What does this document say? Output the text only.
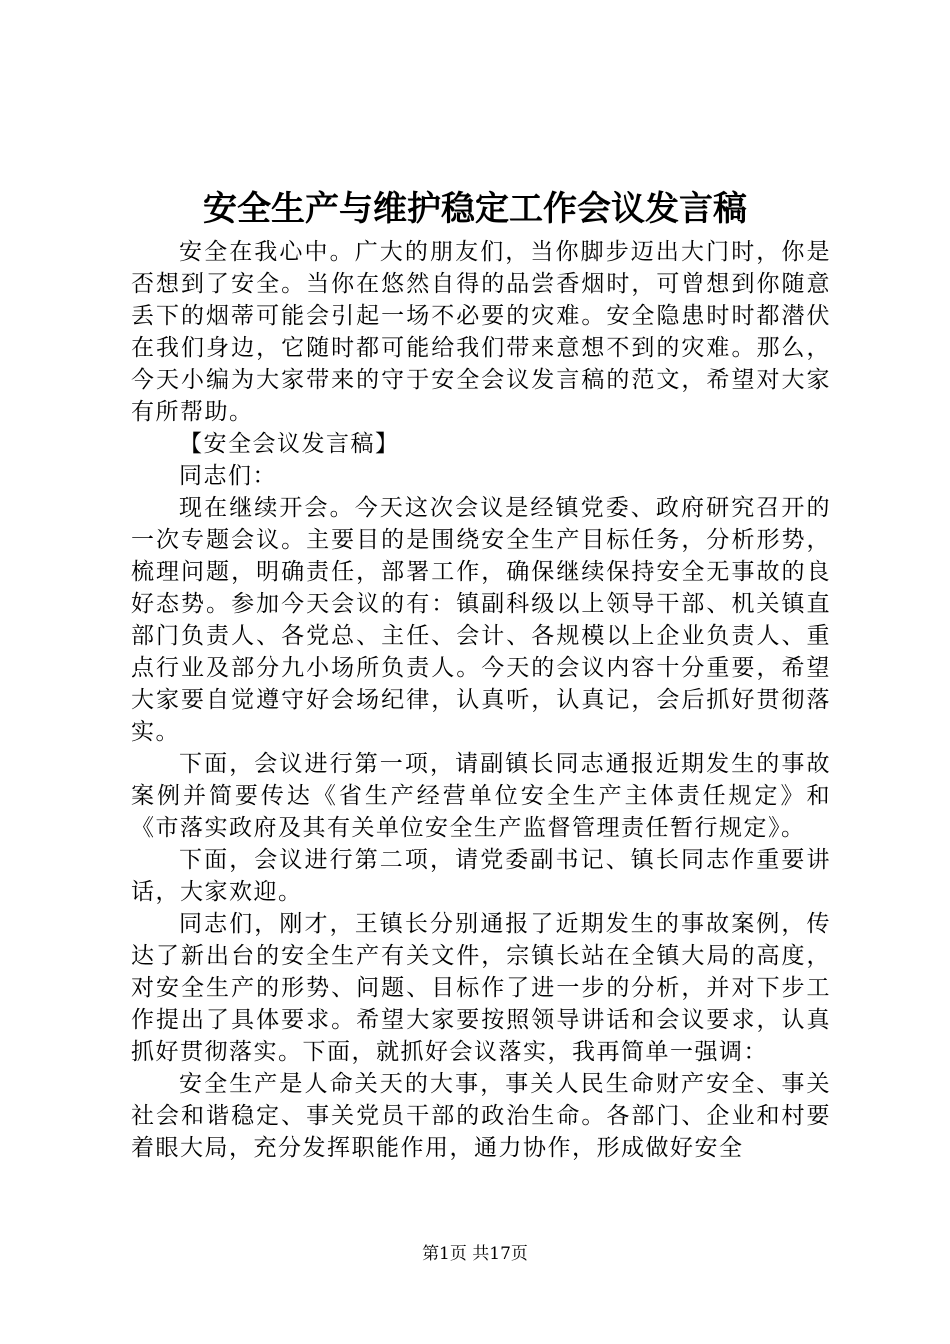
安全生产与维护稳定工作会议发言稿

安全在我心中。广大的朋友们，当你脚步迈出大门时，你是否想到了安全。当你在悠然自得的品尝香烟时，可曾想到你随意丢下的烟蒂可能会引起一场不必要的灾难。安全隐患时时都潜伏在我们身边，它随时都可能给我们带来意想不到的灾难。那么，今天小编为大家带来的守于安全会议发言稿的范文，希望对大家有所帮助。

【安全会议发言稿】

同志们：

现在继续开会。今天这次会议是经镇党委、政府研究召开的一次专题会议。主要目的是围绕安全生产目标任务，分析形势，梳理问题，明确责任，部署工作，确保继续保持安全无事故的良好态势。参加今天会议的有：镇副科级以上领导干部、机关镇直部门负责人、各党总、主任、会计、各规模以上企业负责人、重点行业及部分九小场所负责人。今天的会议内容十分重要，希望大家要自觉遵守好会场纪律，认真听，认真记，会后抓好贯彻落实。

下面，会议进行第一项，请副镇长同志通报近期发生的事故案例并简要传达《省生产经营单位安全生产主体责任规定》和《市落实政府及其有关单位安全生产监督管理责任暂行规定》。

下面，会议进行第二项，请党委副书记、镇长同志作重要讲话，大家欢迎。

同志们，刚才，王镇长分别通报了近期发生的事故案例，传达了新出台的安全生产有关文件，宗镇长站在全镇大局的高度，对安全生产的形势、问题、目标作了进一步的分析，并对下步工作提出了具体要求。希望大家要按照领导讲话和会议要求，认真抓好贯彻落实。下面，就抓好会议落实，我再简单一强调：

安全生产是人命关天的大事，事关人民生命财产安全、事关社会和谐稳定、事关党员干部的政治生命。各部门、企业和村要着眼大局，充分发挥职能作用，通力协作，形成做好安全

第1页 共17页
